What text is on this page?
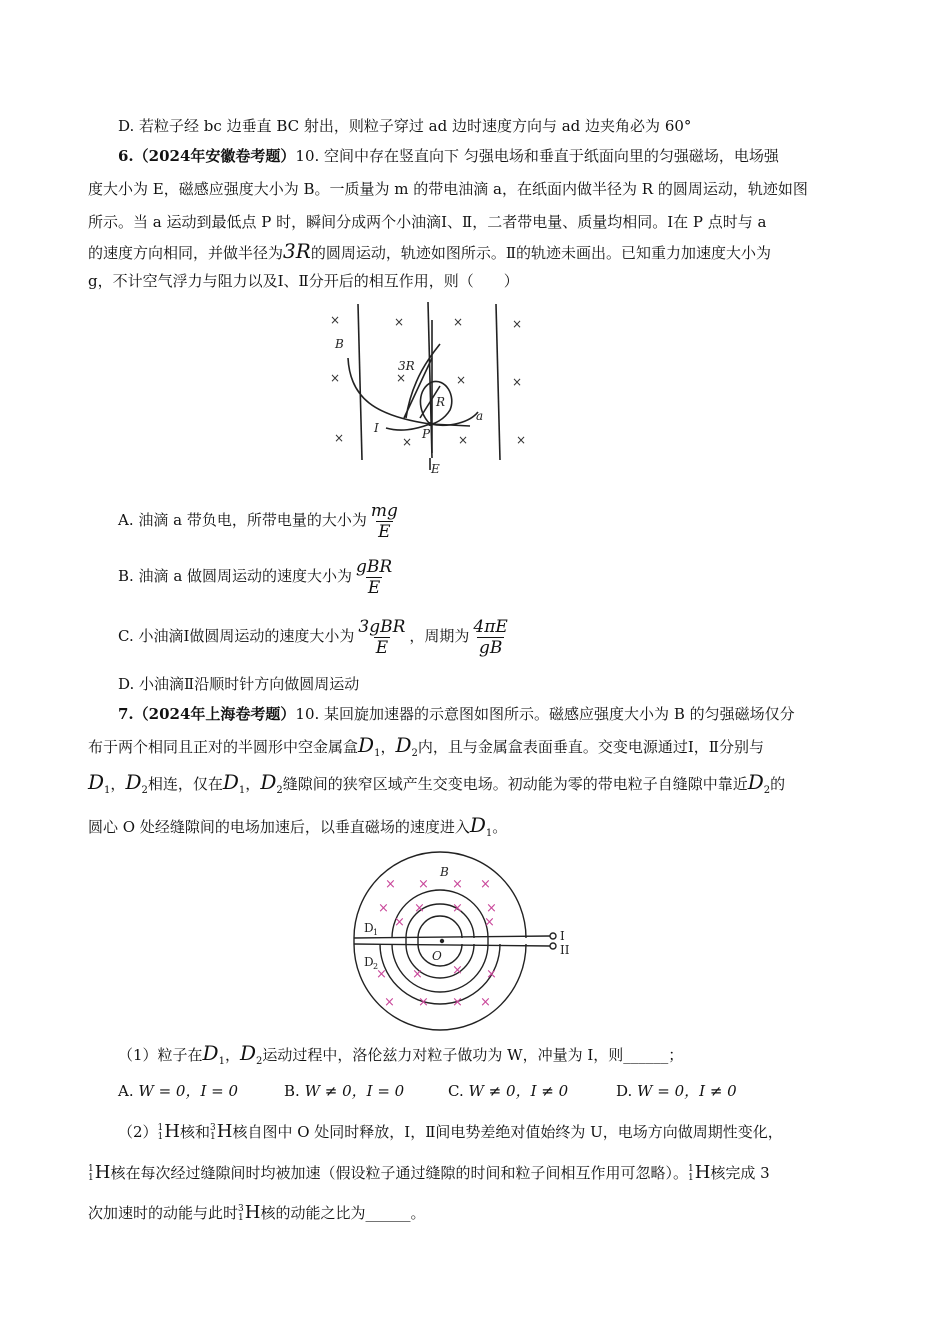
D. 若粒子经 bc 边垂直 BC 射出，则粒子穿过 ad 边时速度方向与 ad 边夹角必为 60°
6.（2024年安徽卷考题）10. 空间中存在竖直向下 匀强电场和垂直于纸面向里的匀强磁场，电场强
度大小为 E，磁感应强度大小为 B。一质量为 m 的带电油滴 a，在纸面内做半径为 R 的圆周运动，轨迹如图
所示。当 a 运动到最低点 P 时，瞬间分成两个小油滴Ⅰ、Ⅱ，二者带电量、质量均相同。Ⅰ在 P 点时与 a
的速度方向相同，并做半径为3R的圆周运动，轨迹如图所示。Ⅱ的轨迹未画出。已知重力加速度大小为
g，不计空气浮力与阻力以及Ⅰ、Ⅱ分开后的相互作用，则（　　）
×	×	×	×
×	×	×	×
×	×	×	×
B
3R
R
P
a
I
E
A. 油滴 a 带负电，所带电量的大小为 $\frac{mg}{E}$
B. 油滴 a 做圆周运动的速度大小为 $\frac{\text{gBR}}{E}$
C. 小油滴Ⅰ做圆周运动的速度大小为 $\frac{\text{3gBR}}{E}$ ，周期为 $\frac{4\pi E}{gB}$
D. 小油滴Ⅱ沿顺时针方向做圆周运动
7.（2024年上海卷考题）10. 某回旋加速器的示意图如图所示。磁感应强度大小为 B 的匀强磁场仅分
布于两个相同且正对的半圆形中空金属盒$D_1$，$D_2$内，且与金属盒表面垂直。交变电源通过Ⅰ，Ⅱ分别与
$D_1$，$D_2$相连，仅在$D_1$，$D_2$缝隙间的狭窄区域产生交变电场。初动能为零的带电粒子自缝隙中靠近$D_2$的
圆心 O 处经缝隙间的电场加速后，以垂直磁场的速度进入$D_1$。
× × × ×
× × × ×
×	×
×	×
× ×
× × × ×
B
D 1
D 2
O
I
II
（1）粒子在$D_1$，$D_2$运动过程中，洛伦兹力对粒子做功为 W，冲量为 I，则______；
A. W = 0，I = 0	B. W ≠ 0，I = 0	C. W ≠ 0，I ≠ 0	D. W = 0，I ≠ 0
（2） 1
1 H核和 3
1 H核自图中 O 处同时释放，Ⅰ，Ⅱ间电势差绝对值始终为 U，电场方向做周期性变化，
1
1 H核在每次经过缝隙间时均被加速（假设粒子通过缝隙的时间和粒子间相互作用可忽略）。 1
1 H核完成 3
次加速时的动能与此时 3
1 H核的动能之比为______。
